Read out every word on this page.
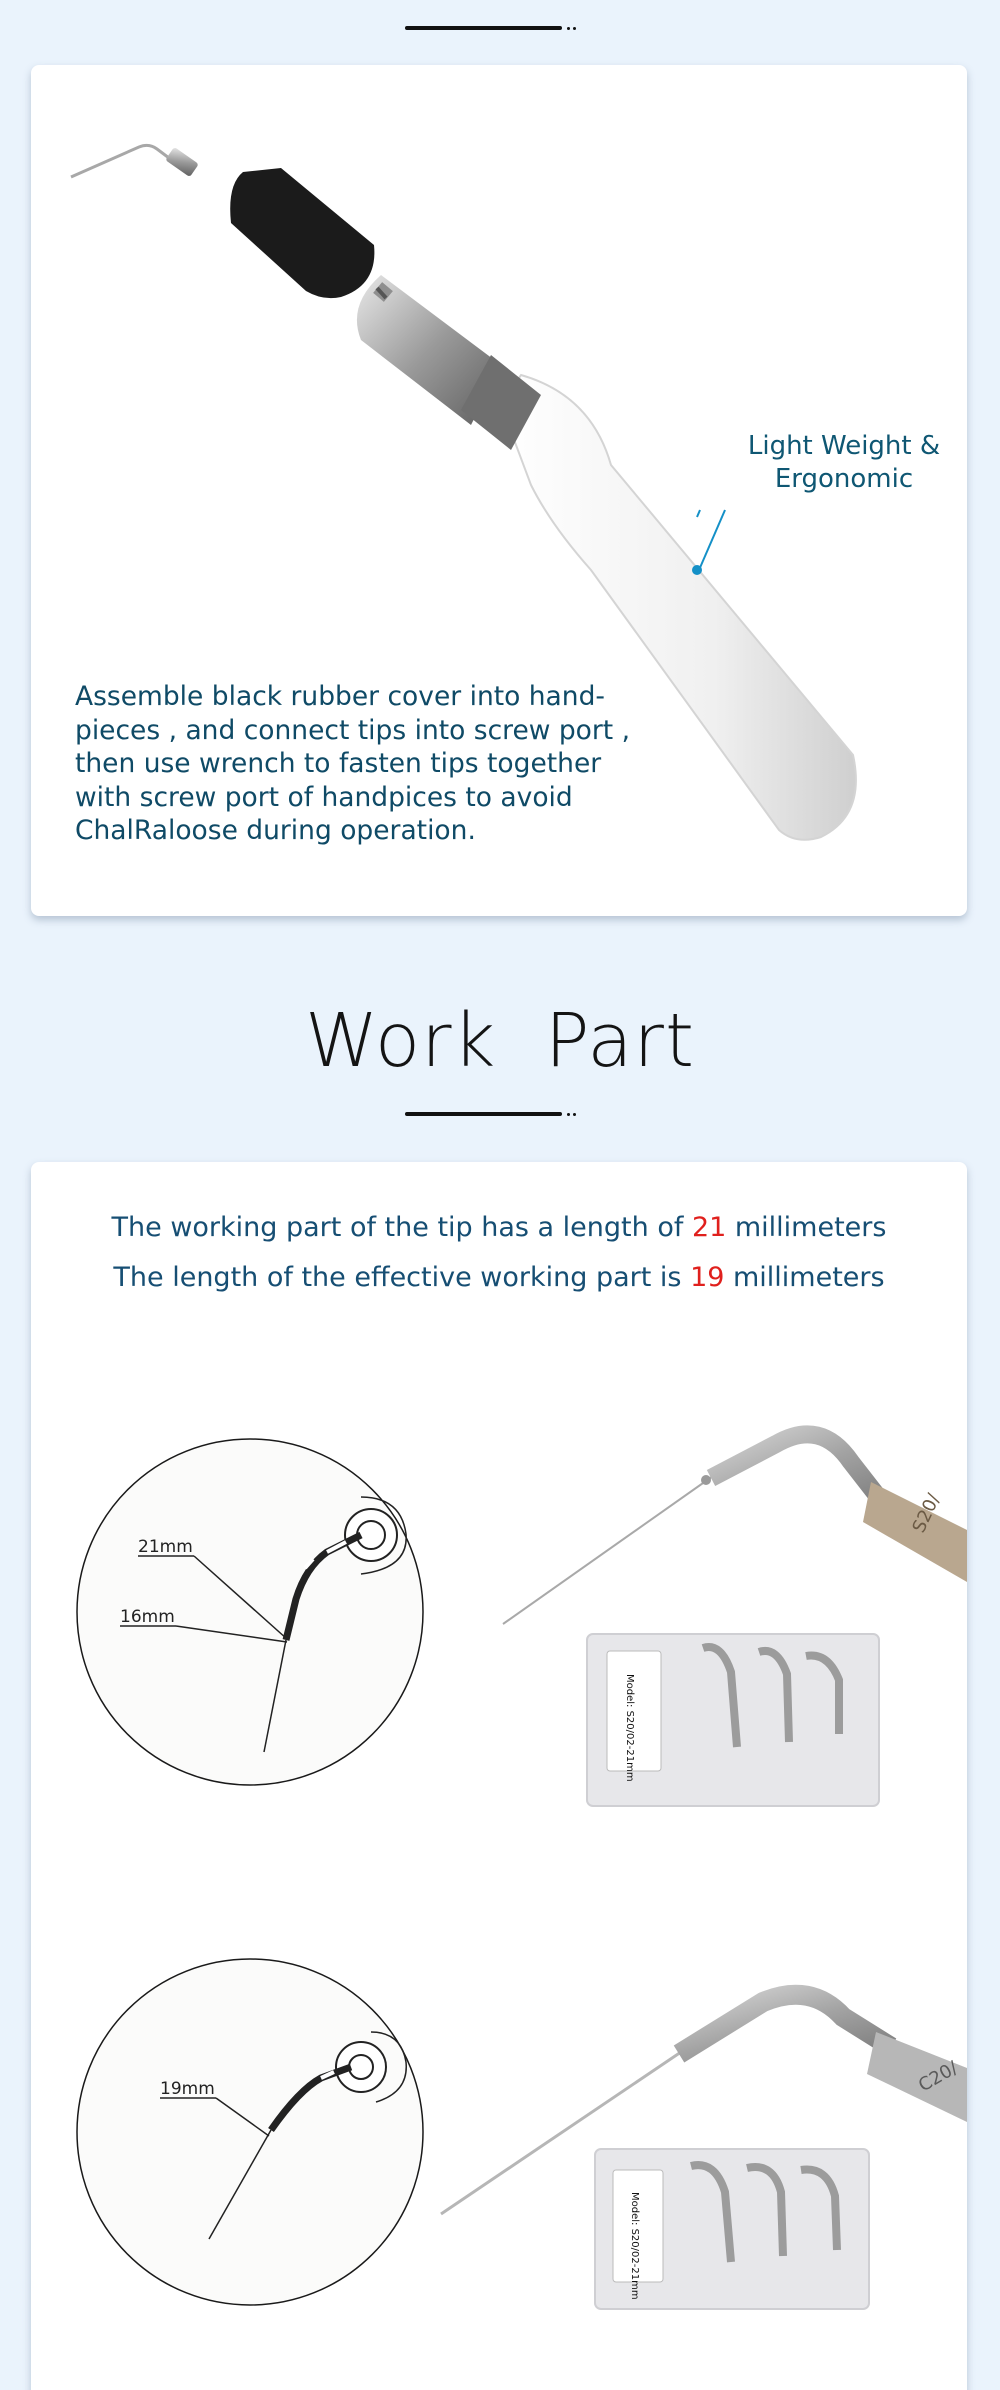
Light Weight &
Ergonomic
Assemble black rubber cover into hand-
pieces , and connect tips into screw port ,
then use wrench to fasten tips together
with screw port of handpices to avoid
ChalRaloose during operation.
Work Part
The working part of the tip has a length of 21 millimeters
The length of the effective working part is 19 millimeters
21mm
16mm
19mm
Model: S20/02-21mm
Model: S20/02-21mm
S20/
C20/
